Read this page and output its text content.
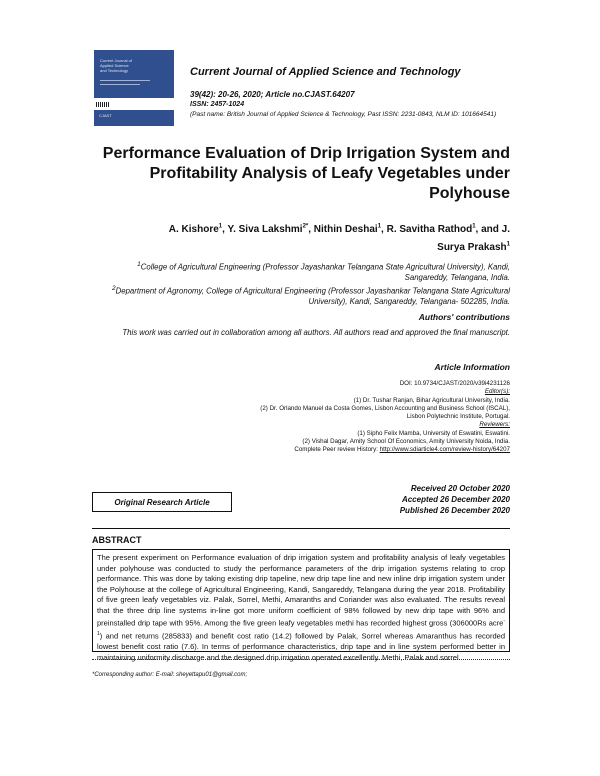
Current Journal of
Applied Science
and Technology
CJAST
Current Journal of Applied Science and Technology
39(42): 20-26, 2020; Article no.CJAST.64207
ISSN: 2457-1024
(Past name: British Journal of Applied Science & Technology, Past ISSN: 2231-0843, NLM ID: 101664541)
Performance Evaluation of Drip Irrigation System and Profitability Analysis of Leafy Vegetables under Polyhouse
A. Kishore$^1$, Y. Siva Lakshmi$^{2*}$, Nithin Deshai$^1$, R. Savitha Rathod$^1$, and J. Surya Prakash$^1$

$^1$College of Agricultural Engineering (Professor Jayashankar Telangana State Agricultural University), Kandi, Sangareddy, Telangana, India.

$^2$Department of Agronomy, College of Agricultural Engineering (Professor Jayashankar Telangana State Agricultural University), Kandi, Sangareddy, Telangana- 502285, India.

Authors' contributions
This work was carried out in collaboration among all authors. All authors read and approved the final manuscript.
Article Information
DOI: 10.9734/CJAST/2020/v39i4231126
Editor(s):
(1) Dr. Tushar Ranjan, Bihar Agricultural University, India.
(2) Dr. Orlando Manuel da Costa Gomes, Lisbon Accounting and Business School (ISCAL),
Lisbon Polytechnic Institute, Portugal.
Reviewers:
(1) Sipho Felix Mamba, University of Eswatini, Eswatini.
(2) Vishal Dagar, Amity School Of Economics, Amity University Noida, India.
Complete Peer review History: http://www.sdiarticle4.com/review-history/64207
Original Research Article
Received 20 October 2020
Accepted 26 December 2020
Published 26 December 2020
ABSTRACT

The present experiment on Performance evaluation of drip irrigation system and profitability analysis of leafy vegetables under polyhouse was conducted to study the performance parameters of the drip irrigation systems relating to crop performance. This was done by taking existing drip tapeline, new drip tape line and new inline drip irrigation system under the Polyhouse at the college of Agricultural Engineering, Kandi, Sangareddy, Telangana during the year 2018. Profitability of five green leafy vegetables viz. Palak, Sorrel, Methi, Amaranths and Coriander was also evaluated. The results reveal that the three drip line systems in-line got more uniform coefficient of 98% followed by new drip tape with 96% and preinstalled drip tape with 95%. Among the five green leafy vegetables methi has recorded highest gross (306000Rs acre$^{-1}$) and net returns (285833) and benefit cost ratio (14.2) followed by Palak, Sorrel whereas Amaranthus has recorded lowest benefit cost ratio (7.6). In terms of performance characteristics, drip tape and in line system performed better in maintaining uniformity discharge and the designed drip irrigation operated excellently. Methi, Palak and sorrel

*Corresponding author: E-mail: sheyettapu01@gmail.com;
